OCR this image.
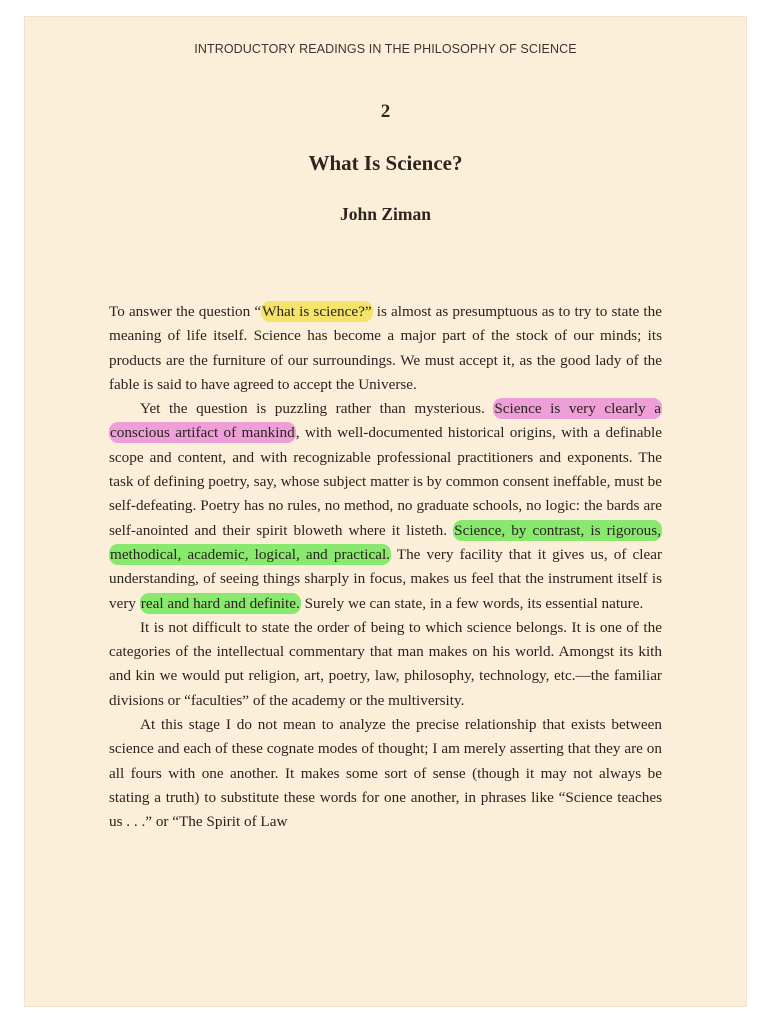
INTRODUCTORY READINGS IN THE PHILOSOPHY OF SCIENCE
2
What Is Science?
John Ziman

To answer the question “What is science?” is almost as presumptuous as to try to state the meaning of life itself. Science has become a major part of the stock of our minds; its products are the furniture of our surroundings. We must accept it, as the good lady of the fable is said to have agreed to accept the Universe.

Yet the question is puzzling rather than mysterious. Science is very clearly a conscious artifact of mankind, with well-documented historical origins, with a definable scope and content, and with recognizable professional practitioners and exponents. The task of defining poetry, say, whose subject matter is by common consent ineffable, must be self-defeating. Poetry has no rules, no method, no graduate schools, no logic: the bards are self-anointed and their spirit bloweth where it listeth. Science, by contrast, is rigorous, methodical, academic, logical, and practical. The very facility that it gives us, of clear understanding, of seeing things sharply in focus, makes us feel that the instrument itself is very real and hard and definite. Surely we can state, in a few words, its essential nature.

It is not difficult to state the order of being to which science belongs. It is one of the categories of the intellectual commentary that man makes on his world. Amongst its kith and kin we would put religion, art, poetry, law, philosophy, technology, etc.—the familiar divisions or “faculties” of the academy or the multiversity.

At this stage I do not mean to analyze the precise relationship that exists between science and each of these cognate modes of thought; I am merely asserting that they are on all fours with one another. It makes some sort of sense (though it may not always be stating a truth) to substitute these words for one another, in phrases like “Science teaches us . . .” or “The Spirit of Law
